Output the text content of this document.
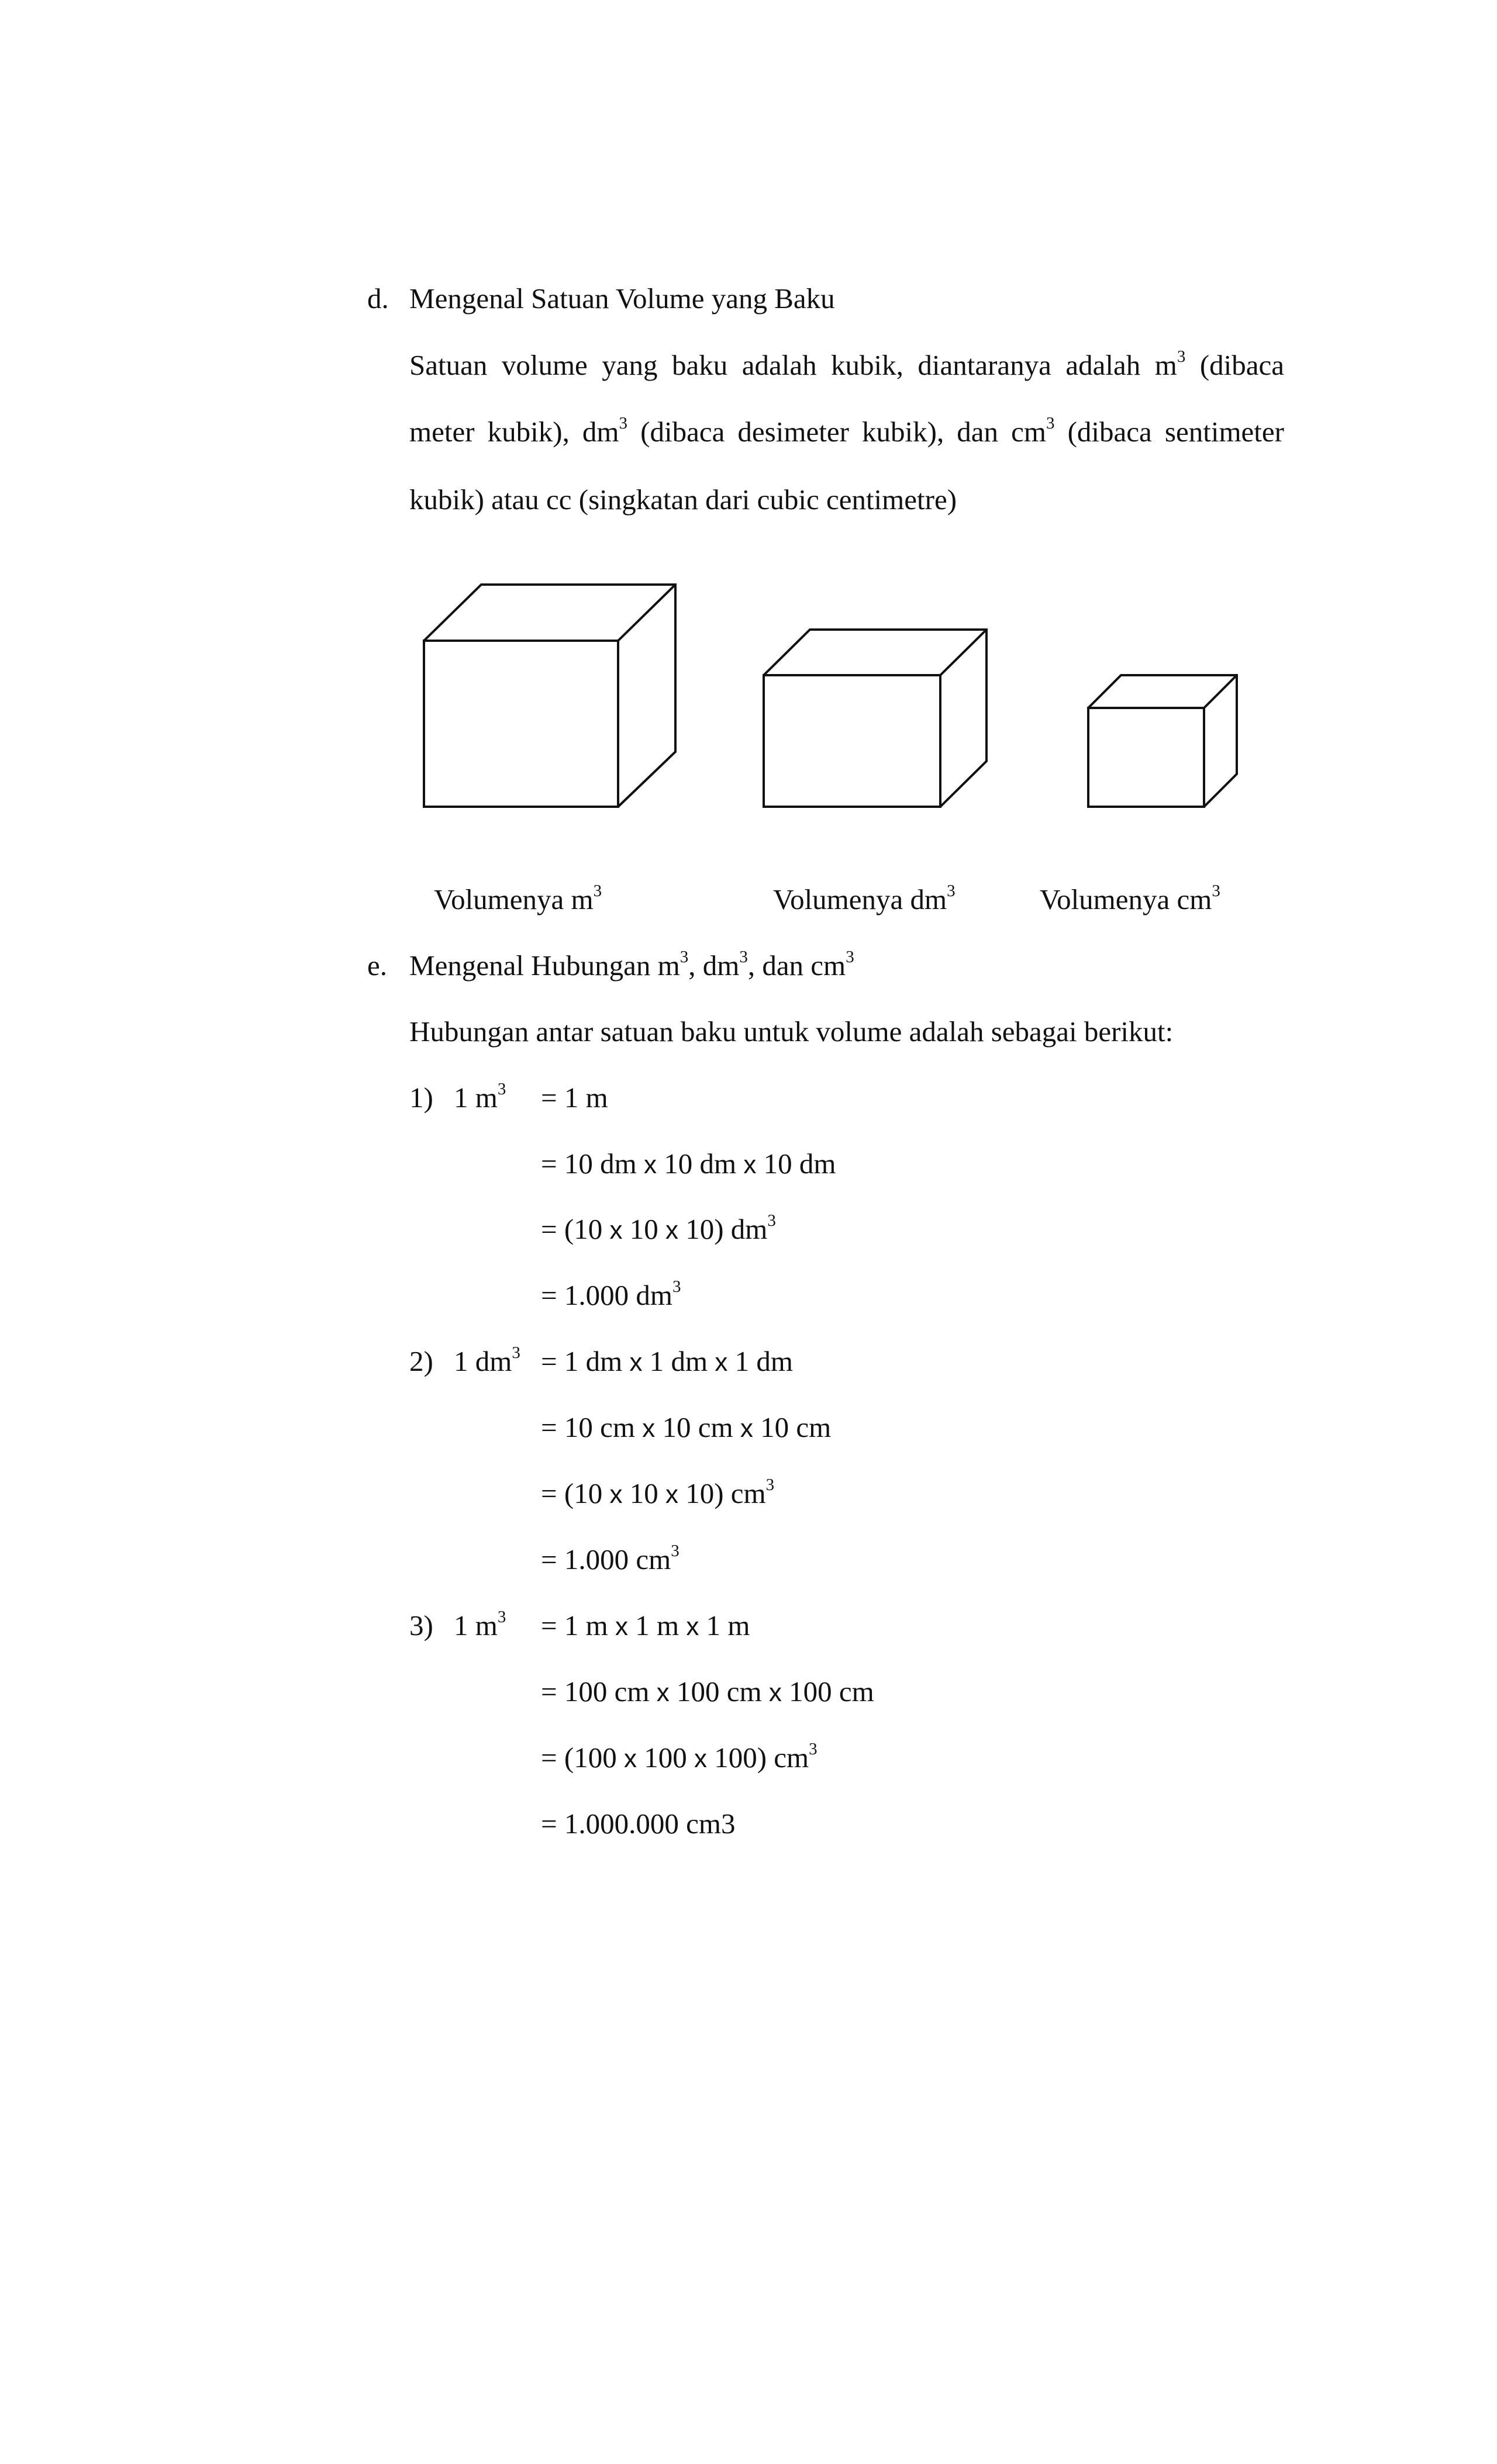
d. Mengenal Satuan Volume yang Baku
Satuan volume yang baku adalah kubik, diantaranya adalah $m^3$ (dibaca
meter kubik), $dm^3$ (dibaca desimeter kubik), dan $cm^3$ (dibaca sentimeter
kubik) atau cc (singkatan dari cubic centimetre)
Volumenya $m^3$	Volumenya $dm^3$	Volumenya $cm^3$
e. Mengenal Hubungan $m^3$, $dm^3$, dan $cm^3$
Hubungan antar satuan baku untuk volume adalah sebagai berikut:
1) 1 $m^3 = 1$ m
= 10 dm x 10 dm x 10 dm
= (10 x 10 x 10) $dm^3$
= 1.000 $dm^3$
2) 1 $dm^3 = 1$ dm x 1 dm x 1 dm
= 10 cm x 10 cm x 10 cm
= (10 x 10 x 10) $cm^3$
= 1.000 $cm^3$
3) 1 $m^3 = 1$ m x 1 m x 1 m
= 100 cm x 100 cm x 100 cm
= (100 x 100 x 100) $cm^3$
= 1.000.000 cm3
